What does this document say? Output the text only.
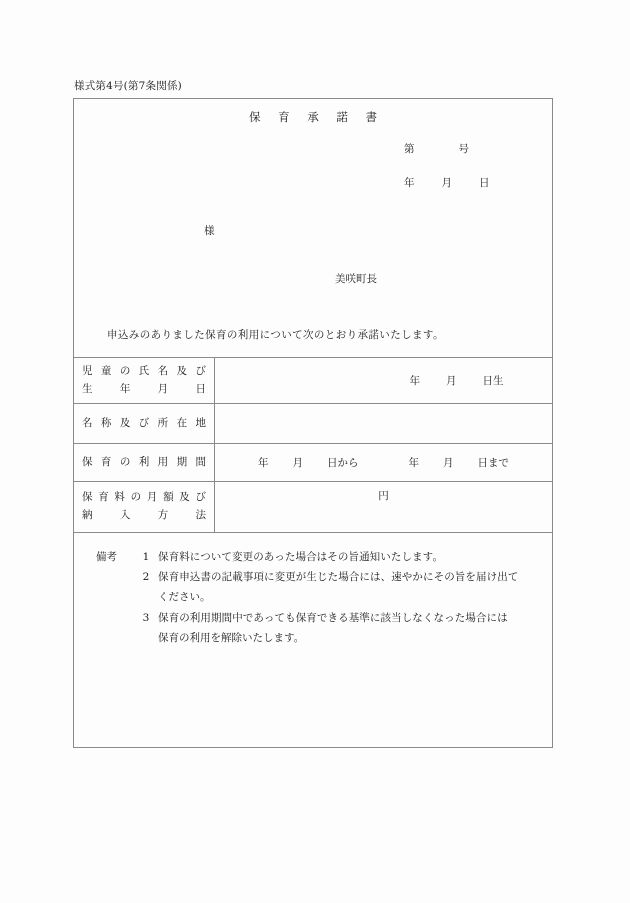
様式第4号(第7条関係)
保 育 承 諾 書
第	号
年	月	日
様
美咲町長
申込みのありました保育の利用について次のとおり承諾いたします。
児童の氏名及び
生年月日	年 月 日生

名称及び所在地	

保育の利用期間	年 月 日から 年 月 日まで

保育料の月額及び
納入方法	円
備考	1 保育料について変更のあった場合はその旨通知いたします。
2 保育申込書の記載事項に変更が生じた場合には、速やかにその旨を届け出て
ください。
3 保育の利用期間中であっても保育できる基準に該当しなくなった場合には
保育の利用を解除いたします。
